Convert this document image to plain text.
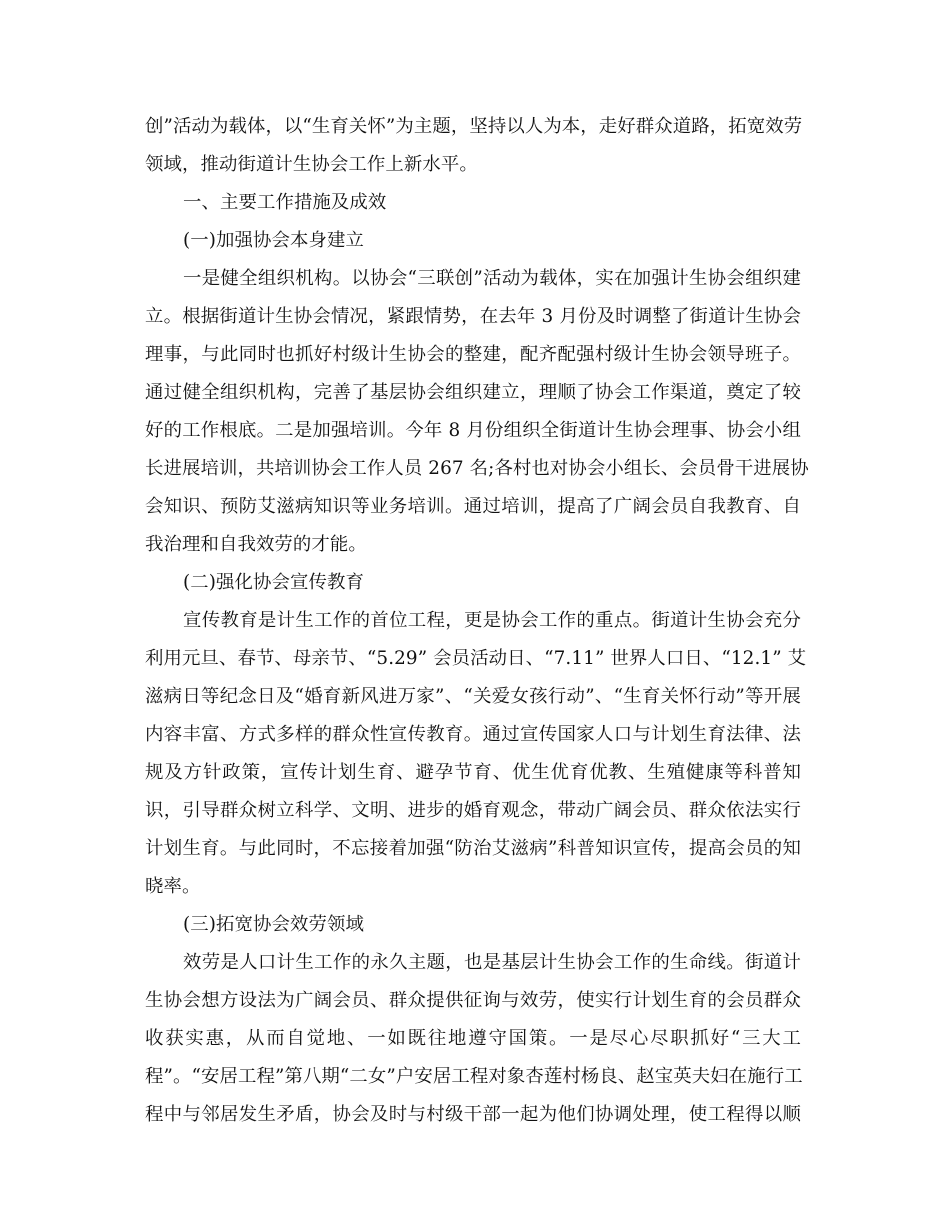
创”活动为载体，以“生育关怀”为主题，坚持以人为本，走好群众道路，拓宽效劳
领域，推动街道计生协会工作上新水平。
一、主要工作措施及成效
(一)加强协会本身建立
一是健全组织机构。以协会“三联创”活动为载体，实在加强计生协会组织建
立。根据街道计生协会情况，紧跟情势，在去年 3 月份及时调整了街道计生协会
理事，与此同时也抓好村级计生协会的整建，配齐配强村级计生协会领导班子。
通过健全组织机构，完善了基层协会组织建立，理顺了协会工作渠道，奠定了较
好的工作根底。二是加强培训。今年 8 月份组织全街道计生协会理事、协会小组
长进展培训，共培训协会工作人员 267 名;各村也对协会小组长、会员骨干进展协
会知识、预防艾滋病知识等业务培训。通过培训，提高了广阔会员自我教育、自
我治理和自我效劳的才能。
(二)强化协会宣传教育
宣传教育是计生工作的首位工程，更是协会工作的重点。街道计生协会充分
利用元旦、春节、母亲节、“5.29” 会员活动日、“7.11” 世界人口日、“12.1” 艾
滋病日等纪念日及“婚育新风进万家”、“关爱女孩行动”、“生育关怀行动”等开展
内容丰富、方式多样的群众性宣传教育。通过宣传国家人口与计划生育法律、法
规及方针政策，宣传计划生育、避孕节育、优生优育优教、生殖健康等科普知
识，引导群众树立科学、文明、进步的婚育观念，带动广阔会员、群众依法实行
计划生育。与此同时，不忘接着加强“防治艾滋病”科普知识宣传，提高会员的知
晓率。
(三)拓宽协会效劳领域
效劳是人口计生工作的永久主题，也是基层计生协会工作的生命线。街道计
生协会想方设法为广阔会员、群众提供征询与效劳，使实行计划生育的会员群众
收获实惠，从而自觉地、一如既往地遵守国策。一是尽心尽职抓好“三大工
程”。“安居工程”第八期“二女”户安居工程对象杏莲村杨良、赵宝英夫妇在施行工
程中与邻居发生矛盾，协会及时与村级干部一起为他们协调处理，使工程得以顺
